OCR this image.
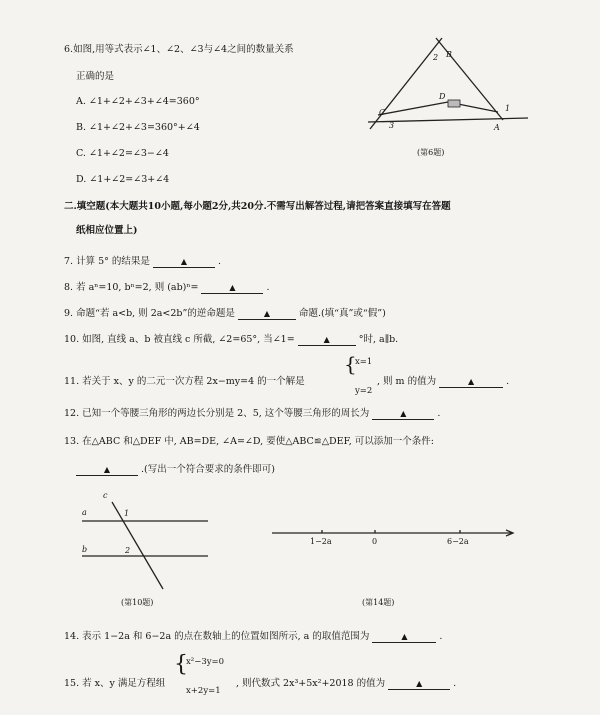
6.如图,用等式表示∠1、∠2、∠3与∠4之间的数量关系
正确的是
A. ∠1+∠2+∠3+∠4=360°
B. ∠1+∠2+∠3=360°+∠4
C. ∠1+∠2=∠3−∠4
D. ∠1+∠2=∠3+∠4
2 B
C
D
3
1
A
(第6题)
二.填空题(本大题共10小题,每小题2分,共20分.不需写出解答过程,请把答案直接填写在答题
纸相应位置上)
7. 计算 5° 的结果是	▲	.
8. 若 aⁿ=10, bⁿ=2, 则 (ab)ⁿ=	▲	.
9. 命题“若 a<b, 则 2a<2b”的逆命题是	▲	命题.(填“真”或“假”)
10. 如图, 直线 a、b 被直线 c 所截, ∠2=65°, 当∠1=	▲	°时, a∥b.
11. 若关于 x、y 的二元一次方程 2x−my=4 的一个解是
{
x=1
y=2
, 则 m 的值为	▲	.
12. 已知一个等腰三角形的两边长分别是 2、5, 这个等腰三角形的周长为	▲	.
13. 在△ABC 和△DEF 中, AB=DE, ∠A=∠D, 要使△ABC≌△DEF, 可以添加一个条件:
▲	.(写出一个符合要求的条件即可)
c
a	1
b	2
(第10题)
1−2a	0	6−2a
(第14题)
14. 表示 1−2a 和 6−2a 的点在数轴上的位置如图所示, a 的取值范围为	▲	.
15. 若 x、y 满足方程组
{
x²−3y=0
x+2y=1
, 则代数式 2x³+5x²+2018 的值为	▲	.
